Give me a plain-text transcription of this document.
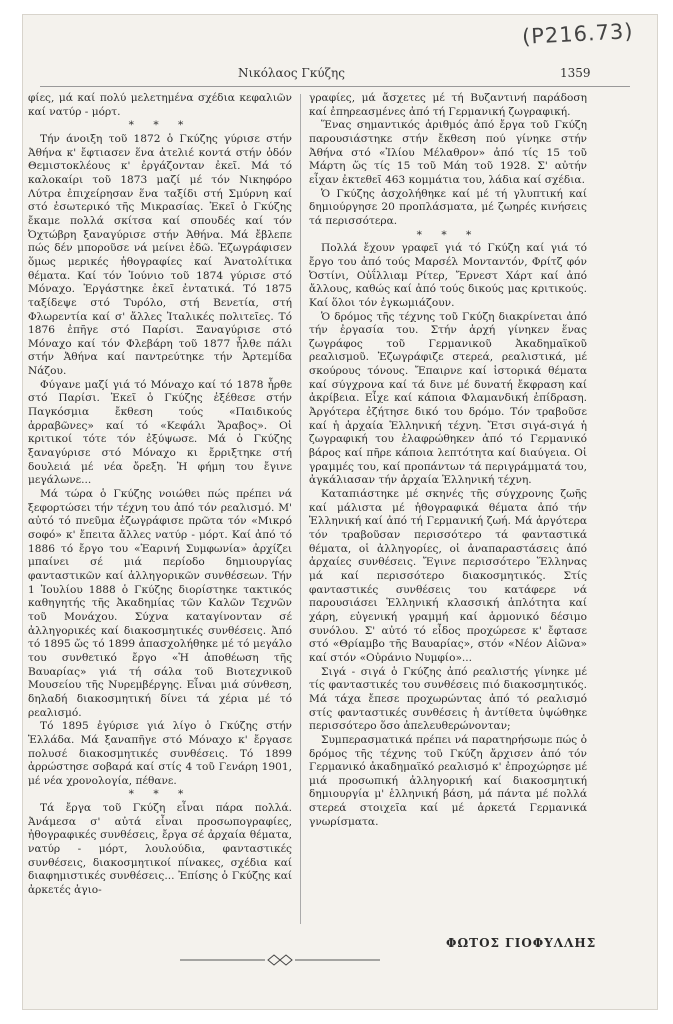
(Ρ216.73)
Νικόλαος Γκύζης	1359

φίες, μά καί πολύ μελετημένα σχέδια κεφαλιῶν καί νατύρ - μόρτ.

* * *

Τήν άνοιξη τοῦ 1872 ὁ Γκύζης γύρισε στήν Ἀθήνα κ' ἔφτιασεν ἕνα ἀτελιέ κοντά στήν ὁδόν Θεμιστοκλέους κ' ἐργάζονταν ἐκεῖ. Μά τό καλοκαίρι τοῦ 1873 μαζί μέ τόν Νικηφόρο Λύτρα ἐπιχείρησαν ἕνα ταξίδι στή Σμύρνη καί στό ἐσωτερικό τῆς Μικρασίας. Ἐκεῖ ὁ Γκύζης ἔκαμε πολλά σκίτσα καί σπουδές καί τόν Ὀχτώβρη ξαναγύρισε στήν Ἀθήνα. Μά ἔβλεπε πώς δέν μποροῦσε νά μείνει ἐδῶ. Ἐζωγράφισεν ὅμως μερικές ἠθογραφίες καί Ἀνατολίτικα θέματα. Καί τόν Ἰούνιο τοῦ 1874 γύρισε στό Μόναχο. Ἐργάστηκε ἐκεῖ ἐντατικά. Τό 1875 ταξίδεψε στό Τυρόλο, στή Βενετία, στή Φλωρεντία καί σ' ἄλλες Ἰταλικές πολιτεῖες. Τό 1876 ἐπῆγε στό Παρίσι. Ξαναγύρισε στό Μόναχο καί τόν Φλεβάρη τοῦ 1877 ἦλθε πάλι στήν Ἀθήνα καί παντρεύτηκε τήν Ἀρτεμίδα Νάζου.

Φύγανε μαζί γιά τό Μόναχο καί τό 1878 ἦρθε στό Παρίσι. Ἐκεῖ ὁ Γκύζης ἐξέθεσε στήν Παγκόσμια ἔκθεση τούς «Παιδικούς ἀρραβῶνες» καί τό «Κεφάλι Ἄραβος». Οἱ κριτικοί τότε τόν ἐξύψωσε. Μά ὁ Γκύζης ξαναγύρισε στό Μόναχο κι ἔρριξτηκε στή δουλειά μέ νέα ὄρεξη. Ἡ φήμη του ἔγινε μεγάλωνε...

Μά τώρα ὁ Γκύζης νοιώθει πώς πρέπει νά ξεφορτώσει τήν τέχνη του ἀπό τόν ρεαλισμό. Μ' αὐτό τό πνεῦμα ἐζωγράφισε πρῶτα τόν «Μικρό σοφό» κ' ἔπειτα ἄλλες νατύρ - μόρτ. Καί ἀπό τό 1886 τό ἔργο του «Ἐαρινή Συμφωνία» ἀρχίζει μπαίνει σέ μιά περίοδο δημιουργίας φανταστικῶν καί ἀλληγορικῶν συνθέσεων. Τήν 1 Ἰουλίου 1888 ὁ Γκύζης διορίστηκε τακτικός καθηγητής τῆς Ἀκαδημίας τῶν Καλῶν Τεχνῶν τοῦ Μονάχου. Σύχνα καταγίνονταν σέ ἀλληγορικές καί διακοσμητικές συνθέσεις. Ἀπό τό 1895 ὥς τό 1899 ἀπασχολήθηκε μέ τό μεγάλο του συνθετικό ἔργο «Ἡ ἀποθέωση τῆς Βαυαρίας» γιά τή σάλα τοῦ Βιοτεχνικοῦ Μουσείου τῆς Νυρεμβέργης. Εἶναι μιά σύνθεση, δηλαδή διακοσμητική δίνει τά χέρια μέ τό ρεαλισμό.

Τό 1895 ἐγύρισε γιά λίγο ὁ Γκύζης στήν Ἑλλάδα. Μά ξαναπῆγε στό Μόναχο κ' ἔργασε πολυσέ διακοσμητικές συνθέσεις. Τό 1899 ἀρρώστησε σοβαρά καί στίς 4 τοῦ Γενάρη 1901, μέ νέα χρονολογία, πέθανε.

* * *

Τά ἔργα τοῦ Γκύζη εἶναι πάρα πολλά. Ἀνάμεσα σ' αὐτά εἶναι προσωπογραφίες, ἠθογραφικές συνθέσεις, ἔργα σέ ἀρχαία θέματα, νατύρ - μόρτ, λουλούδια, φανταστικές συνθέσεις, διακοσμητικοί πίνακες, σχέδια καί διαφημιστικές συνθέσεις... Ἐπίσης ὁ Γκύζης καί ἀρκετές ἁγιο-

γραφίες, μά ἄσχετες μέ τή Βυζαντινή παράδοση καί ἐπηρεασμένες ἀπό τή Γερμανική ζωγραφική.

Ἕνας σημαντικός ἀριθμός ἀπό ἔργα τοῦ Γκύζη παρουσιάστηκε στήν ἔκθεση πού γίνηκε στήν Ἀθήνα στό «Ἰλίου Μέλαθρον» ἀπό τίς 15 τοῦ Μάρτη ὥς τίς 15 τοῦ Μάη τοῦ 1928. Σ' αὐτήν εἶχαν ἐκτεθεῖ 463 κομμάτια του, λάδια καί σχέδια.

Ὁ Γκύζης ἀσχολήθηκε καί μέ τή γλυπτική καί δημιούργησε 20 προπλάσματα, μέ ζωηρές κινήσεις τά περισσότερα.

* * *

Πολλά ἔχουν γραφεῖ γιά τό Γκύζη καί γιά τό ἔργο του ἀπό τούς Μαρσέλ Μονταντόν, Φρίτζ φόν Ὀστίνι, Οὐΐλλιαμ Ρίτερ, Ἔρνεστ Χάρτ καί ἀπό ἄλλους, καθώς καί ἀπό τούς δικούς μας κριτικούς. Καί ὅλοι τόν ἐγκωμιάζουν.

Ὁ δρόμος τῆς τέχνης τοῦ Γκύζη διακρίνεται ἀπό τήν ἐργασία του. Στήν ἀρχή γίνηκεν ἕνας ζωγράφος τοῦ Γερμανικοῦ Ἀκαδημαϊκοῦ ρεαλισμοῦ. Ἐζωγράφιζε στερεά, ρεαλιστικά, μέ σκούρους τόνους. Ἔπαιρνε καί ἱστορικά θέματα καί σύγχρονα καί τά δινε μέ δυνατή ἔκφραση καί ἀκρίβεια. Εἶχε καί κάποια Φλαμανδική ἐπίδραση. Ἀργότερα ἐζήτησε δικό του δρόμο. Τόν τραβοῦσε καί ἡ ἀρχαία Ἑλληνική τέχνη. Ἔτσι σιγά-σιγά ἡ ζωγραφική του ἐλαφρώθηκεν ἀπό τό Γερμανικό βάρος καί πῆρε κάποια λεπτότητα καί διαύγεια. Οἱ γραμμές του, καί προπάντων τά περιγράμματά του, ἀγκάλιασαν τήν ἀρχαία Ἑλληνική τέχνη.

Καταπιάστηκε μέ σκηνές τῆς σύγχρονης ζωῆς καί μάλιστα μέ ἠθογραφικά θέματα ἀπό τήν Ἑλληνική καί ἀπό τή Γερμανική ζωή. Μά ἀργότερα τόν τραβοῦσαν περισσότερο τά φανταστικά θέματα, οἱ ἀλληγορίες, οἱ ἀναπαραστάσεις ἀπό ἀρχαίες συνθέσεις. Ἔγινε περισσότερο Ἕλληνας μά καί περισσότερο διακοσμητικός. Στίς φανταστικές συνθέσεις του κατάφερε νά παρουσιάσει Ἑλληνική κλασσική ἁπλότητα καί χάρη, εὐγενική γραμμή καί ἁρμονικό δέσιμο συνόλου. Σ' αὐτό τό εἶδος προχώρεσε κ' ἔφτασε στό «Θρίαμβο τῆς Βαυαρίας», στόν «Νέον Αἰῶνα» καί στόν «Οὐράνιο Νυμφίο»...

Σιγά - σιγά ὁ Γκύζης ἀπό ρεαλιστής γίνηκε μέ τίς φανταστικές του συνθέσεις πιό διακοσμητικός. Μά τάχα ἔπεσε προχωρώντας ἀπό τό ρεαλισμό στίς φανταστικές συνθέσεις ἡ ἀντίθετα ὑψώθηκε περισσότερο ὅσο ἀπελευθερώνονταν;

Συμπερασματικά πρέπει νά παρατηρήσωμε πώς ὁ δρόμος τῆς τέχνης τοῦ Γκύζη ἄρχισεν ἀπό τόν Γερμανικό ἀκαδημαϊκό ρεαλισμό κ' ἐπροχώρησε μέ μιά προσωπική ἀλληγορική καί διακοσμητική δημιουργία μ' ἑλληνική βάση, μά πάντα μέ πολλά στερεά στοιχεῖα καί μέ ἀρκετά Γερμανικά γνωρίσματα.

ΦΩΤΟΣ ΓΙΟΦΥΛΛΗΣ
